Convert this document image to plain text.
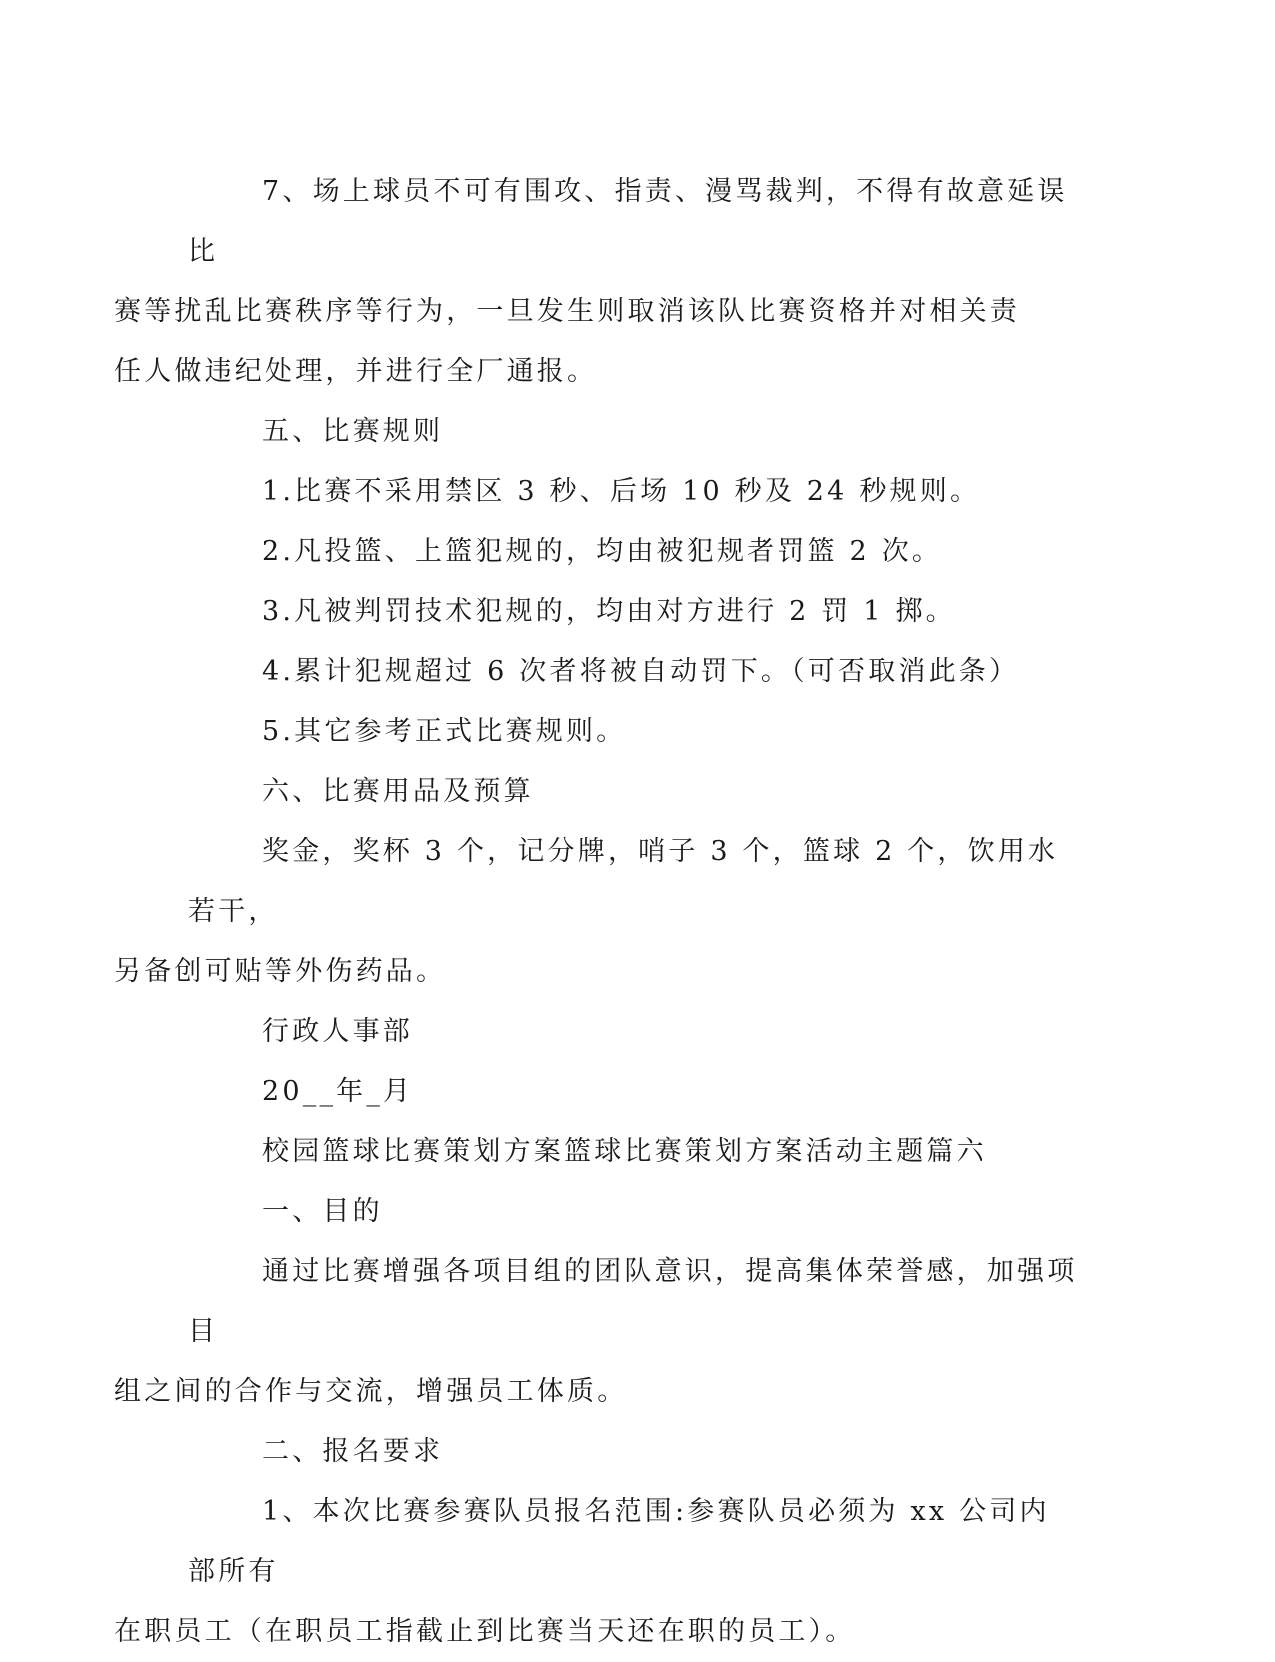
7、场上球员不可有围攻、指责、漫骂裁判，不得有故意延误比
赛等扰乱比赛秩序等行为，一旦发生则取消该队比赛资格并对相关责
任人做违纪处理，并进行全厂通报。

五、比赛规则

1.比赛不采用禁区 3 秒、后场 10 秒及 24 秒规则。

2.凡投篮、上篮犯规的，均由被犯规者罚篮 2 次。

3.凡被判罚技术犯规的，均由对方进行 2 罚 1 掷。

4.累计犯规超过 6 次者将被自动罚下。（可否取消此条）

5.其它参考正式比赛规则。

六、比赛用品及预算

奖金，奖杯 3 个，记分牌，哨子 3 个，篮球 2 个，饮用水若干，
另备创可贴等外伤药品。

行政人事部

20__年_月

校园篮球比赛策划方案篮球比赛策划方案活动主题篇六

一、目的

通过比赛增强各项目组的团队意识，提高集体荣誉感，加强项目
组之间的合作与交流，增强员工体质。

二、报名要求

1、本次比赛参赛队员报名范围:参赛队员必须为 xx 公司内部所有
在职员工（在职员工指截止到比赛当天还在职的员工）。
